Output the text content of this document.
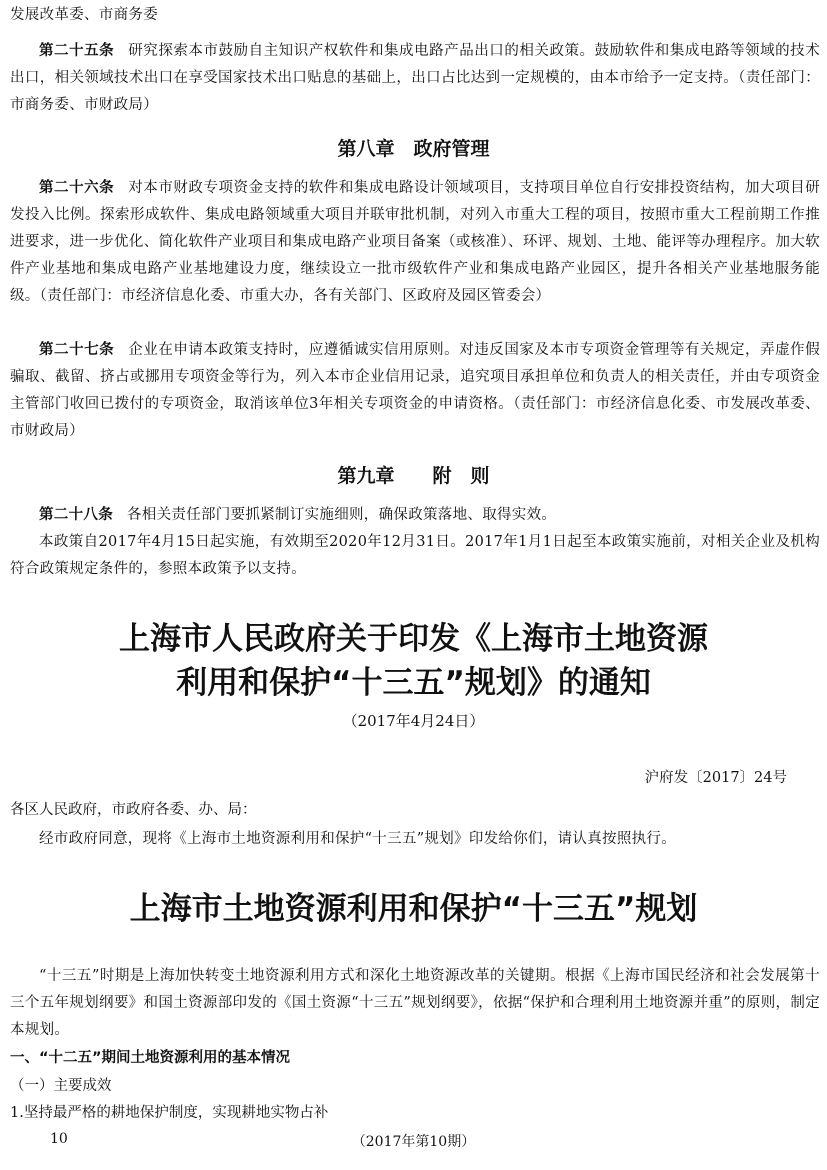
发展改革委、市商务委

第二十五条 研究探索本市鼓励自主知识产权软件和集成电路产品出口的相关政策。鼓励软件和集成电路等领域的技术出口，相关领域技术出口在享受国家技术出口贴息的基础上，出口占比达到一定规模的，由本市给予一定支持。（责任部门：市商务委、市财政局）

第八章　政府管理

第二十六条 对本市财政专项资金支持的软件和集成电路设计领域项目，支持项目单位自行安排投资结构，加大项目研发投入比例。探索形成软件、集成电路领域重大项目并联审批机制，对列入市重大工程的项目，按照市重大工程前期工作推进要求，进一步优化、简化软件产业项目和集成电路产业项目备案（或核准）、环评、规划、土地、能评等办理程序。加大软件产业基地和集成电路产业基地建设力度，继续设立一批市级软件产业和集成电路产业园区，提升各相关产业基地服务能级。（责任部门：市经济信息化委、市重大办，各有关部门、区政府及园区管委会）

第二十七条 企业在申请本政策支持时，应遵循诚实信用原则。对违反国家及本市专项资金管理等有关规定，弄虚作假骗取、截留、挤占或挪用专项资金等行为，列入本市企业信用记录，追究项目承担单位和负责人的相关责任，并由专项资金主管部门收回已拨付的专项资金，取消该单位3年相关专项资金的申请资格。（责任部门：市经济信息化委、市发展改革委、市财政局）

第九章　　附　则

第二十八条 各相关责任部门要抓紧制订实施细则，确保政策落地、取得实效。

本政策自2017年4月15日起实施，有效期至2020年12月31日。2017年1月1日起至本政策实施前，对相关企业及机构符合政策规定条件的，参照本政策予以支持。

上海市人民政府关于印发《上海市土地资源
利用和保护“十三五”规划》的通知
（2017年4月24日）
沪府发〔2017〕24号

各区人民政府，市政府各委、办、局：

经市政府同意，现将《上海市土地资源利用和保护“十三五”规划》印发给你们，请认真按照执行。

上海市土地资源利用和保护“十三五”规划

“十三五”时期是上海加快转变土地资源利用方式和深化土地资源改革的关键期。根据《上海市国民经济和社会发展第十三个五年规划纲要》和国土资源部印发的《国土资源“十三五”规划纲要》，依据“保护和合理利用土地资源并重”的原则，制定本规划。

一、“十二五”期间土地资源利用的基本情况

（一）主要成效

1.坚持最严格的耕地保护制度，实现耕地实物占补

10	（2017年第10期）
